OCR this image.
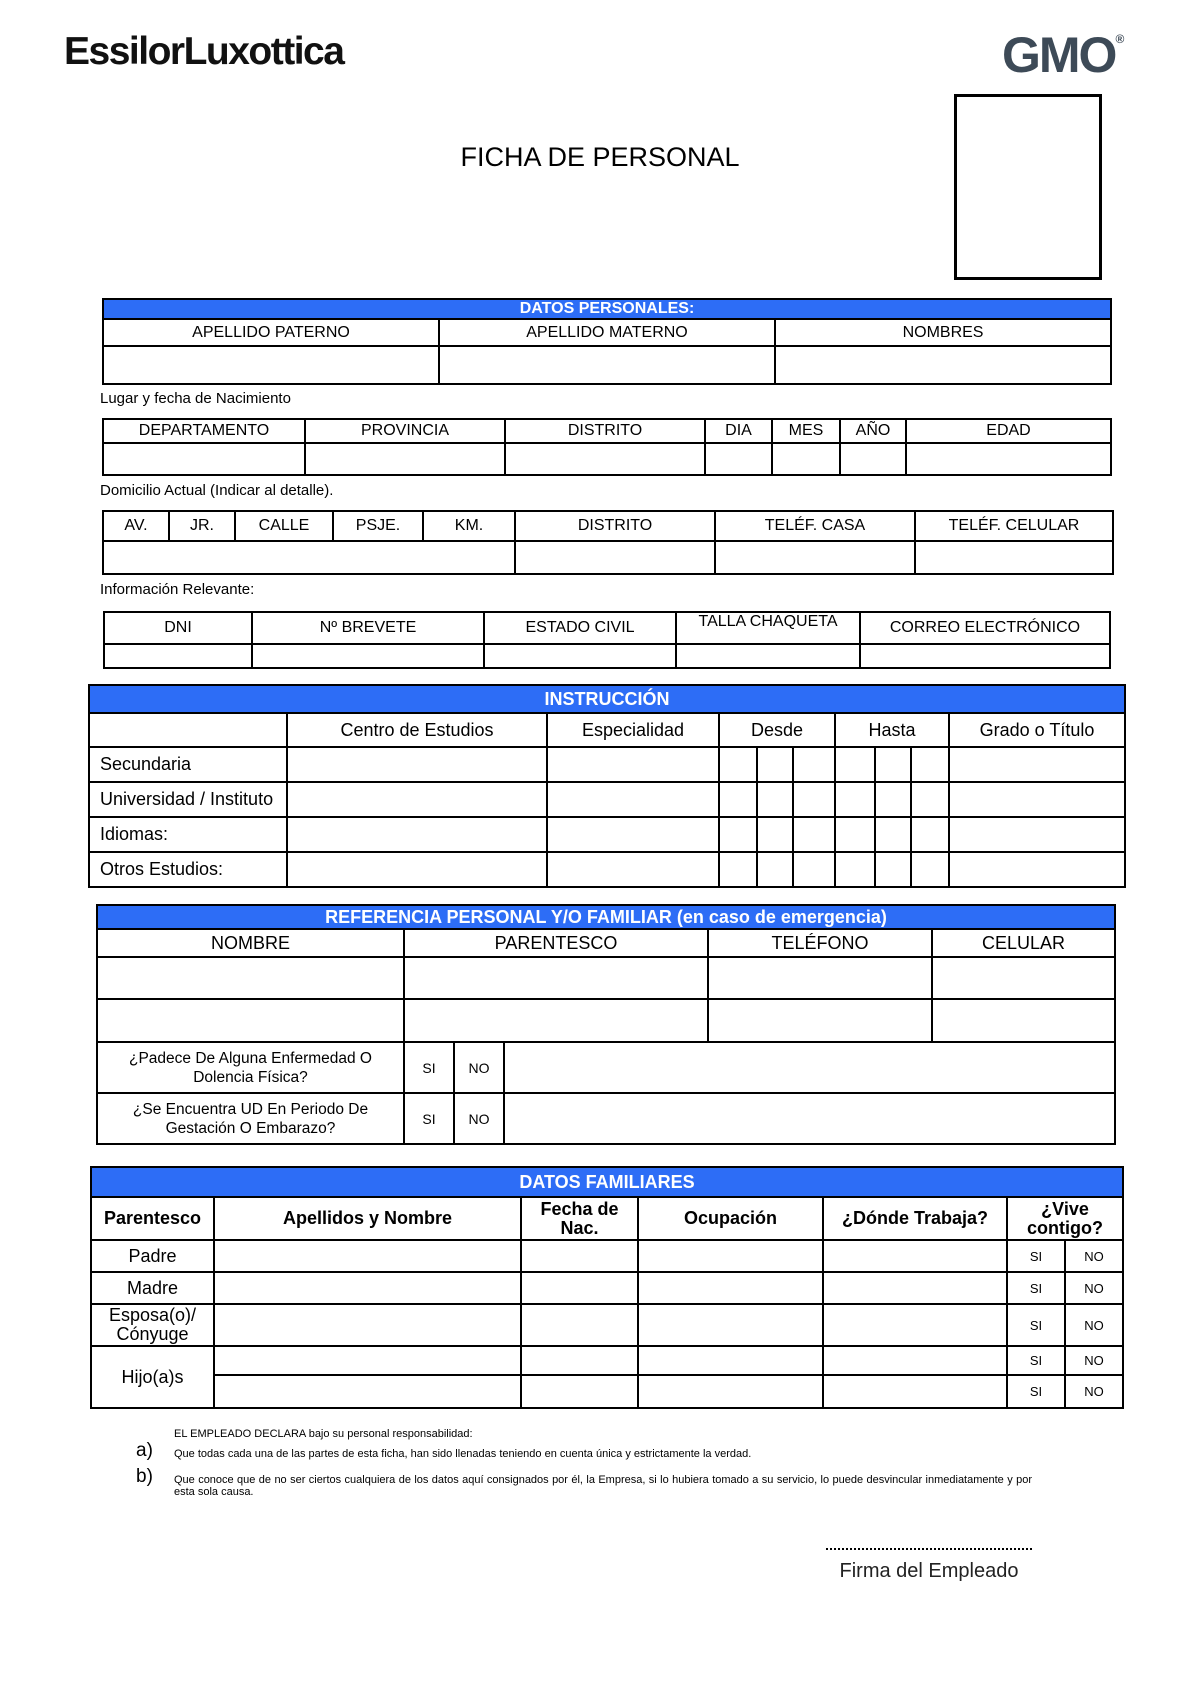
EssilorLuxottica	GMO®
FICHA DE PERSONAL
DATOS PERSONALES:		
APELLIDO PATERNO	APELLIDO MATERNO	NOMBRES

Lugar y fecha de Nacimiento
DEPARTAMENTO	PROVINCIA	DISTRITO	DIA	MES	AÑO	EDAD

Domicilio Actual (Indicar al detalle).
AV.	JR.	CALLE	PSJE.	KM.	DISTRITO	TELÉF. CASA	TELÉF. CELULAR

Información Relevante:
DNI	Nº BREVETE	ESTADO CIVIL	TALLA CHAQUETA	CORREO ELECTRÓNICO

INSTRUCCIÓN									
	Centro de Estudios	Especialidad	Desde			Hasta			Grado o Título
Secundaria									
Universidad / Instituto									
Idiomas:									
Otros Estudios:									
REFERENCIA PERSONAL Y/O FAMILIAR (en caso de emergencia)					
NOMBRE	PARENTESCO			TELÉFONO	CELULAR

¿Padece De Alguna Enfermedad O Dolencia Física?	SI	NO			
¿Se Encuentra UD En Periodo De Gestación O Embarazo?	SI	NO			
DATOS FAMILIARES						
Parentesco	Apellidos y Nombre	Fecha de Nac.	Ocupación	¿Dónde Trabaja?	¿Vive contigo?	
Padre					SI	NO
Madre					SI	NO
Esposa(o)/ Cónyuge					SI	NO
Hijo(a)s					SI	NO
					SI	NO
EL EMPLEADO DECLARA bajo su personal responsabilidad:
a) Que todas cada una de las partes de esta ficha, han sido llenadas teniendo en cuenta única y estrictamente la verdad.
b) Que conoce que de no ser ciertos cualquiera de los datos aquí consignados por él, la Empresa, si lo hubiera tomado a su servicio, lo puede desvincular inmediatamente y por esta sola causa.
Firma del Empleado
